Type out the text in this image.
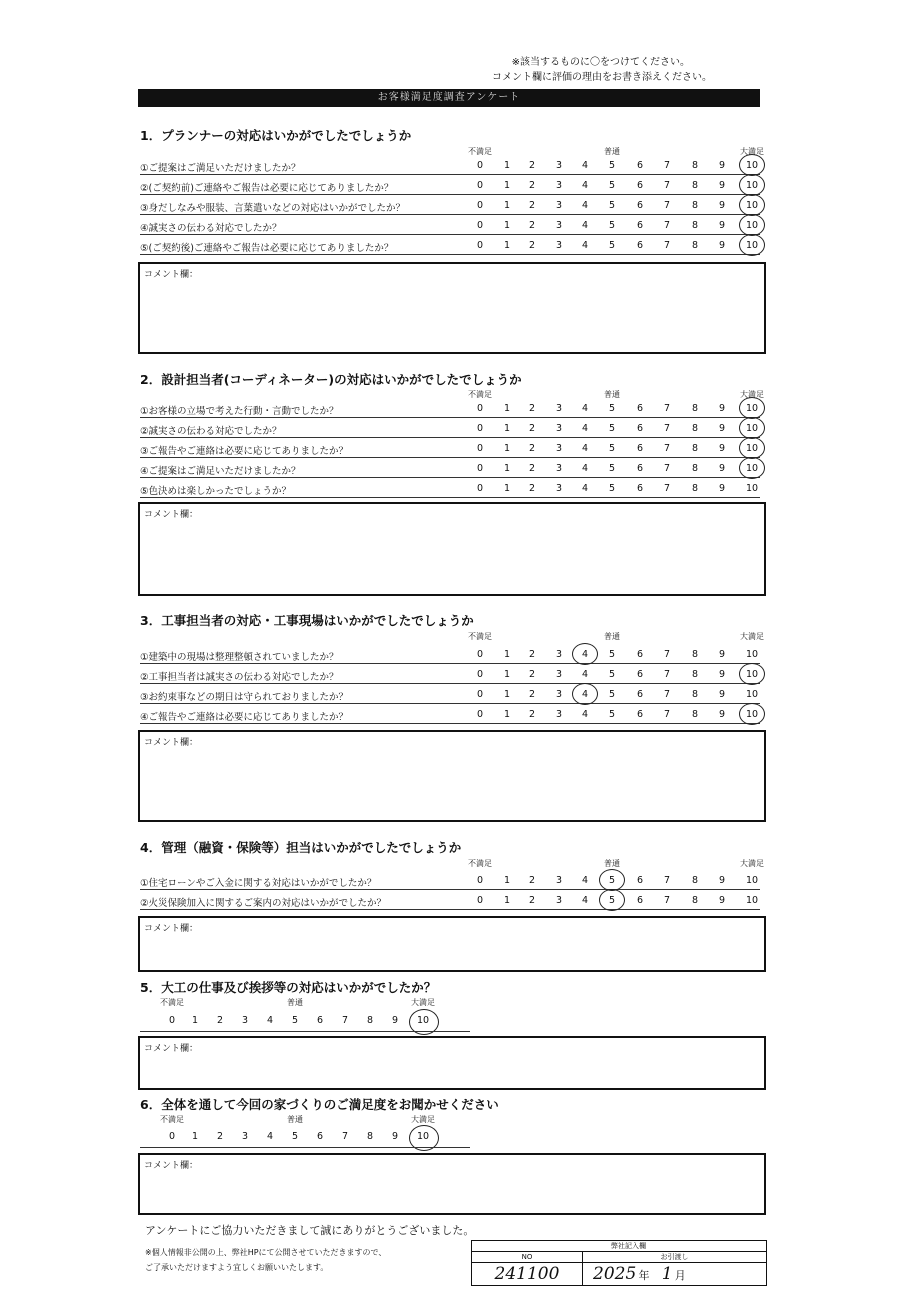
※該当するものに〇をつけてください。
コメント欄に評価の理由をお書き添えください。
お客様満足度調査アンケート
1．プランナーの対応はいかがでしたでしょうか
不満足	普通	大満足
①ご提案はご満足いただけましたか？	0	1	2	3	4	5	6	7	8	9	10
②(ご契約前)ご連絡やご報告は必要に応じてありましたか？	0	1	2	3	4	5	6	7	8	9	10
③身だしなみや服装、言葉遣いなどの対応はいかがでしたか？	0	1	2	3	4	5	6	7	8	9	10
④誠実さの伝わる対応でしたか？	0	1	2	3	4	5	6	7	8	9	10
⑤(ご契約後)ご連絡やご報告は必要に応じてありましたか？	0	1	2	3	4	5	6	7	8	9	10
コメント欄：
2．設計担当者(コーディネーター)の対応はいかがでしたでしょうか
不満足	普通	大満足
①お客様の立場で考えた行動・言動でしたか？	0	1	2	3	4	5	6	7	8	9	10
②誠実さの伝わる対応でしたか？	0	1	2	3	4	5	6	7	8	9	10
③ご報告やご連絡は必要に応じてありましたか？	0	1	2	3	4	5	6	7	8	9	10
④ご提案はご満足いただけましたか？	0	1	2	3	4	5	6	7	8	9	10
⑤色決めは楽しかったでしょうか？	0	1	2	3	4	5	6	7	8	9	10
コメント欄：
3．工事担当者の対応・工事現場はいかがでしたでしょうか
不満足	普通	大満足
①建築中の現場は整理整頓されていましたか？	0	1	2	3	4	5	6	7	8	9	10
②工事担当者は誠実さの伝わる対応でしたか？	0	1	2	3	4	5	6	7	8	9	10
③お約束事などの期日は守られておりましたか？	0	1	2	3	4	5	6	7	8	9	10
④ご報告やご連絡は必要に応じてありましたか？	0	1	2	3	4	5	6	7	8	9	10
コメント欄：
4．管理（融資・保険等）担当はいかがでしたでしょうか
不満足	普通	大満足
①住宅ローンやご入金に関する対応はいかがでしたか？	0	1	2	3	4	5	6	7	8	9	10
②火災保険加入に関するご案内の対応はいかがでしたか？	0	1	2	3	4	5	6	7	8	9	10
コメント欄：
5．大工の仕事及び挨拶等の対応はいかがでしたか？
不満足	普通	大満足
0	1	2	3	4	5	6	7	8	9	10
コメント欄：
6．全体を通して今回の家づくりのご満足度をお聞かせください
不満足	普通	大満足
0	1	2	3	4	5	6	7	8	9	10
コメント欄：
アンケートにご協力いただきまして誠にありがとうございました。
※個人情報非公開の上、弊社HPにて公開させていただきますので、
ご了承いただけますよう宜しくお願いいたします。
弊社記入欄	
NO	お引渡し
241100	2025 年 1 月
